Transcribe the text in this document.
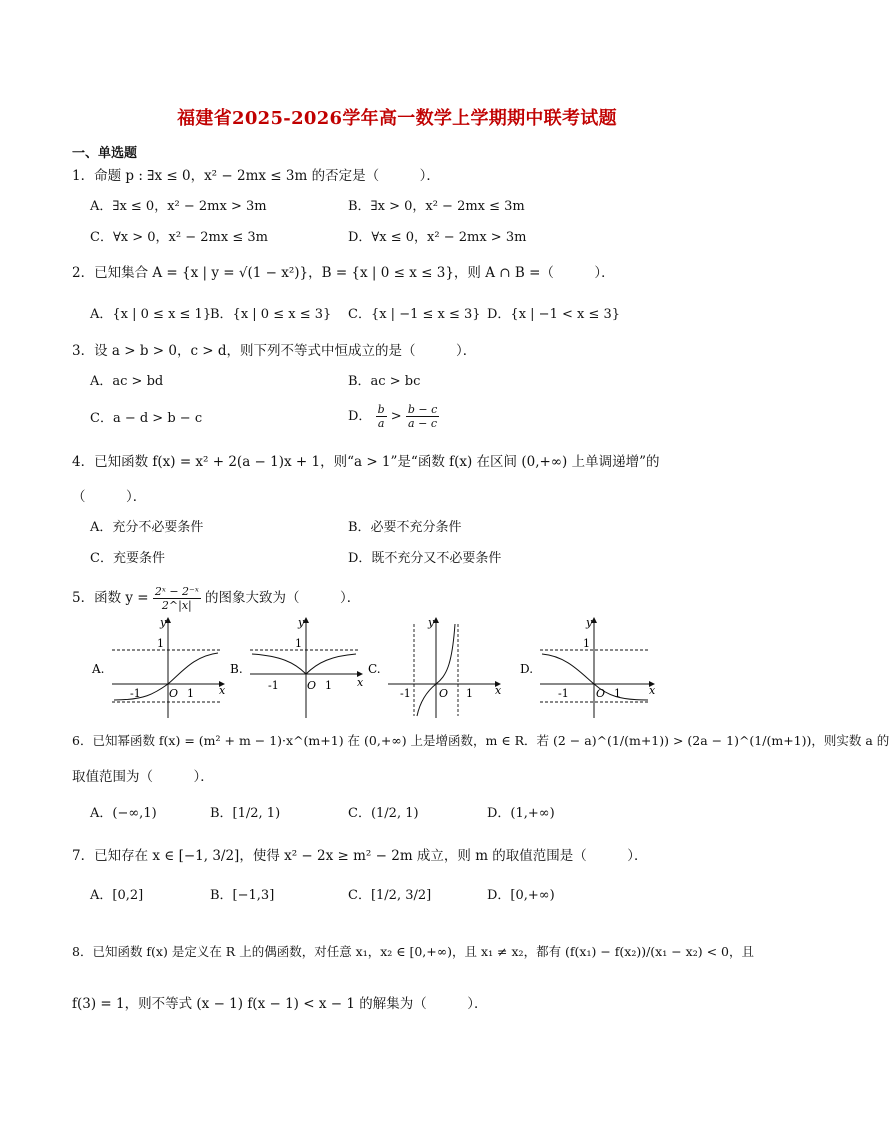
福建省2025-2026学年高一数学上学期期中联考试题
一、单选题
1．命题 p : ∃x ≤ 0，x² − 2mx ≤ 3m 的否定是（　　　）．
A．∃x ≤ 0，x² − 2mx > 3m	B．∃x > 0，x² − 2mx ≤ 3m
C．∀x > 0，x² − 2mx ≤ 3m	D．∀x ≤ 0，x² − 2mx > 3m
2．已知集合 A = {x | y = √(1 − x²)}，B = {x | 0 ≤ x ≤ 3}，则 A ∩ B =（　　　）．
A．{x | 0 ≤ x ≤ 1}
B．{x | 0 ≤ x ≤ 3} C．{x | −1 ≤ x ≤ 3} D．{x | −1 < x ≤ 3}
3．设 a > b > 0，c > d，则下列不等式中恒成立的是（　　　）．
A．ac > bd	B．ac > bc
C．a − d > b − c	D． $\frac{b}{a} > \frac{b - c}{a - c}$
4．已知函数 f(x) = x² + 2(a − 1)x + 1，则“a > 1”是“函数 f(x) 在区间 (0,+∞) 上单调递增”的
（　　　）．
A．充分不必要条件	B．必要不充分条件
C．充要条件	D．既不充分又不必要条件
5．函数 $y = \frac{\text{2ˣ − 2⁻ˣ}}{2\^{}|x|}$ 的图象大致为（　　　）．
A.
y
x
1
O
-1	1
B.
y
x
1
O
-1	1
C.
y
x
O
-1	1
D.
y
x
1
O
-1	1
6．已知幂函数 f(x) = (m² + m − 1)·x^(m+1) 在 (0,+∞) 上是增函数，m ∈ R．若 (2 − a)^(1/(m+1)) > (2a − 1)^(1/(m+1))，则实数 a 的
取值范围为（　　　）．
A．(−∞,1)	B．[1/2, 1)	C．(1/2, 1)	D．(1,+∞)
7．已知存在 x ∈ [−1, 3/2]，使得 x² − 2x ≥ m² − 2m 成立，则 m 的取值范围是（　　　）．
A．[0,2]	B．[−1,3]	C．[1/2, 3/2]	D．[0,+∞)
8．已知函数 f(x) 是定义在 R 上的偶函数，对任意 x₁，x₂ ∈ [0,+∞)，且 x₁ ≠ x₂，都有 (f(x₁) − f(x₂))/(x₁ − x₂) < 0，且
f(3) = 1，则不等式 (x − 1) f(x − 1) < x − 1 的解集为（　　　）．
